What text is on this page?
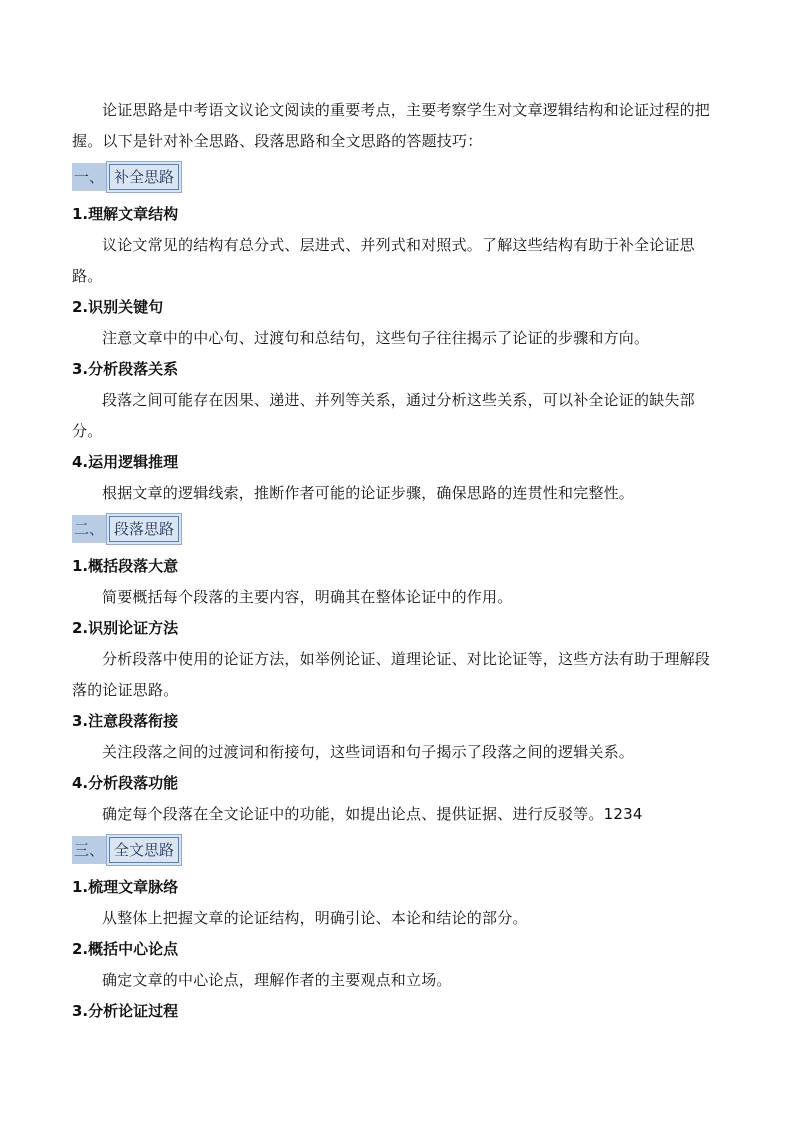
论证思路是中考语文议论文阅读的重要考点，主要考察学生对文章逻辑结构和论证过程的把握。以下是针对补全思路、段落思路和全文思路的答题技巧：

一、 补全思路

1.理解文章结构

议论文常见的结构有总分式、层进式、并列式和对照式。了解这些结构有助于补全论证思路。

2.识别关键句

注意文章中的中心句、过渡句和总结句，这些句子往往揭示了论证的步骤和方向。

3.分析段落关系

段落之间可能存在因果、递进、并列等关系，通过分析这些关系，可以补全论证的缺失部分。

4.运用逻辑推理

根据文章的逻辑线索，推断作者可能的论证步骤，确保思路的连贯性和完整性。

二、 段落思路

1.概括段落大意

简要概括每个段落的主要内容，明确其在整体论证中的作用。

2.识别论证方法

分析段落中使用的论证方法，如举例论证、道理论证、对比论证等，这些方法有助于理解段落的论证思路。

3.注意段落衔接

关注段落之间的过渡词和衔接句，这些词语和句子揭示了段落之间的逻辑关系。

4.分析段落功能

确定每个段落在全文论证中的功能，如提出论点、提供证据、进行反驳等。1234

三、 全文思路

1.梳理文章脉络

从整体上把握文章的论证结构，明确引论、本论和结论的部分。

2.概括中心论点

确定文章的中心论点，理解作者的主要观点和立场。

3.分析论证过程
